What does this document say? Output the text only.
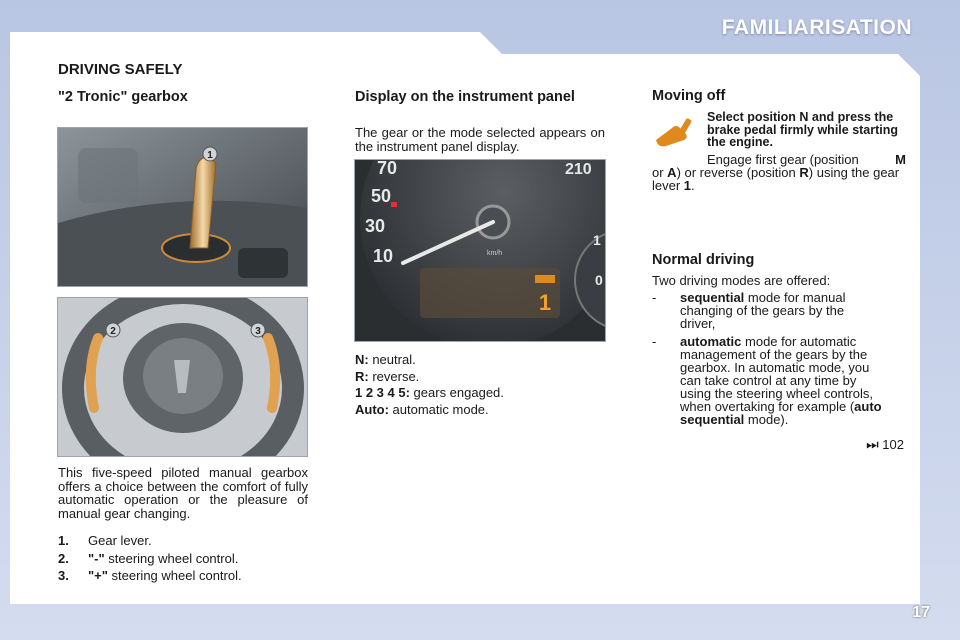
FAMILIARISATION
DRIVING SAFELY
"2 Tronic" gearbox
1
2	3
This five-speed piloted manual gearbox offers a choice between the comfort of fully automatic operation or the pleasure of manual gear changing.
1.	Gear lever.
2.	"-" steering wheel control.
3.	"+" steering wheel control.
Display on the instrument panel
The gear or the mode selected appears on the instrument panel display.
70
50
30
10
210
1
0
km/h
1
N: neutral.
R: reverse.
1 2 3 4 5: gears engaged.
Auto: automatic mode.
Moving off
Select position N and press the brake pedal firmly while starting the engine.
Engage first gear (position	M
or A) or reverse (position R) using the gear lever 1.
Normal driving
Two driving modes are offered:
-	sequential mode for manual changing of the gears by the driver,
-	automatic mode for automatic management of the gears by the gearbox. In automatic mode, you can take control at any time by using the steering wheel controls, when overtaking for example (auto sequential mode).
⏭ 102
17
